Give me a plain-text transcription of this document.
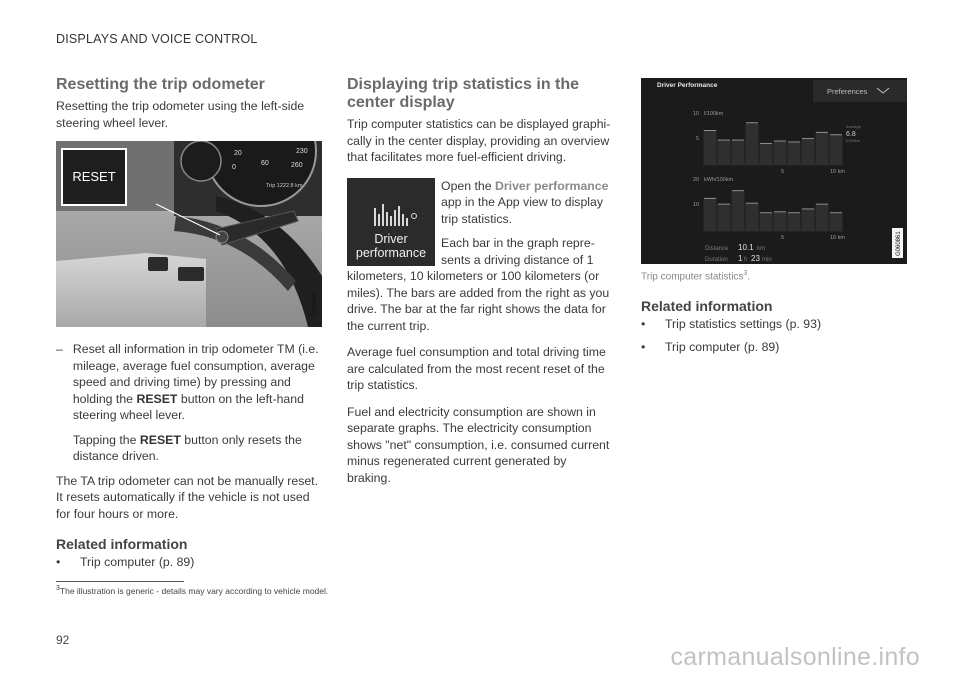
DISPLAYS AND VOICE CONTROL
Resetting the trip odometer

Resetting the trip odometer using the left-side steering wheel lever.

20
60
230
260
0
Trip 1222.8 km
RESET
G061886
– Reset all information in trip odometer TM (i.e. mileage, average fuel consumption, average speed and driving time) by pressing and holding the RESET button on the left-hand steering wheel lever.

Tapping the RESET button only resets the distance driven.

The TA trip odometer can not be manually reset. It resets automatically if the vehicle is not used for four hours or more.

Related information
•	Trip computer (p. 89)
Displaying trip statistics in the center display

Trip computer statistics can be displayed graphically in the center display, providing an overview that facilitates more fuel-efficient driving.

Driver performance

Open the Driver performance app in the App view to display trip statistics.

Each bar in the graph represents a driving distance of 1 kilometers, 10 kilometers or 100 kilometers (or miles). The bars are added from the right as you drive. The bar at the far right shows the data for the current trip.

Average fuel consumption and total driving time are calculated from the most recent reset of the trip statistics.

Fuel and electricity consumption are shown in separate graphs. The electricity consumption shows "net" consumption, i.e. consumed current minus regenerated current generated by braking.

Driver Performance
Preferences
10 l/100km
5
Average
6.8
l/100km
5	10 km
20 kWh/100km
10
5	10 km
Distance 10.1 km
Duration 1 h 23 min
G060861
Trip computer statistics$^3$.
Related information
•	Trip statistics settings (p. 93)
•	Trip computer (p. 89)
$^3$The illustration is generic - details may vary according to vehicle model.
92
carmanualsonline.info
